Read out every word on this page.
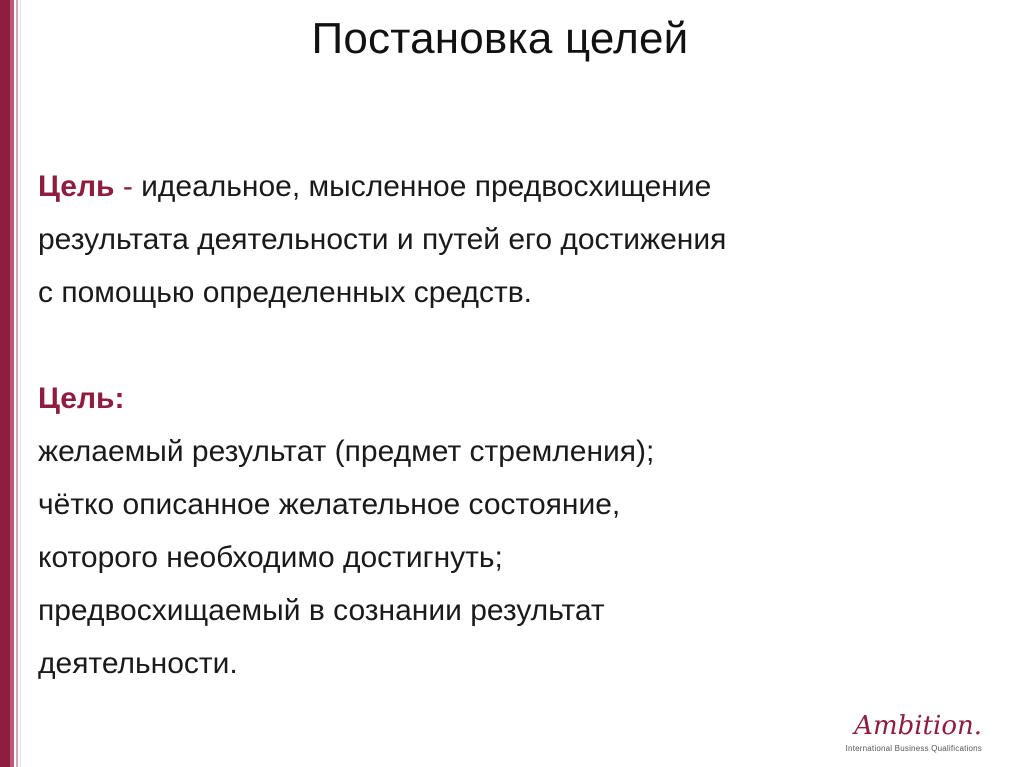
Постановка целей
Цель - идеальное, мысленное предвосхищение
результата деятельности и путей его достижения
с помощью определенных средств.
Цель:
желаемый результат (предмет стремления);
чётко описанное желательное состояние,
которого необходимо достигнуть;
предвосхищаемый в сознании результат
деятельности.
Ambition.
International Business Qualifications
